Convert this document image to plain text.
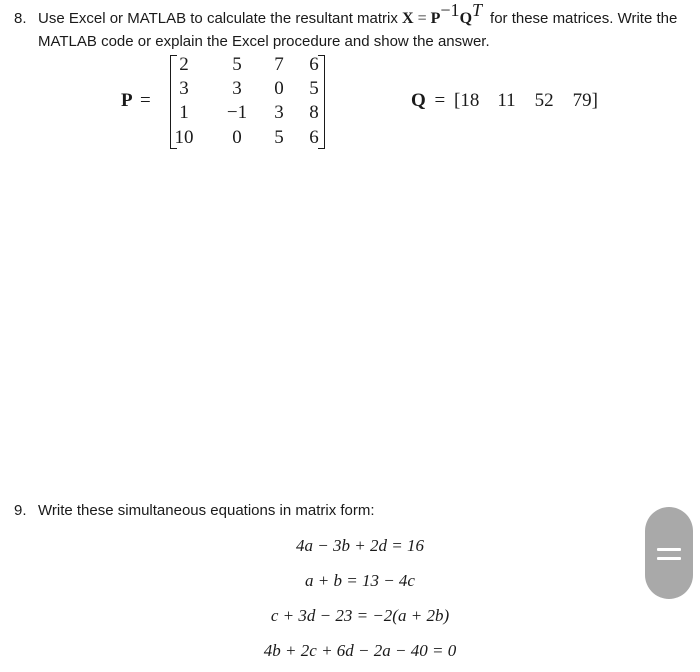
8. Use Excel or MATLAB to calculate the resultant matrix $X = P^{-1}Q^T$ for these matrices. Write the
MATLAB code or explain the Excel procedure and show the answer.
P =
2	5	7	6
3	3	0	5
1	−1	3	8
10	0	5	6
Q = [18 11 52 79]
9. Write these simultaneous equations in matrix form:
4a − 3b + 2d = 16
a + b = 13 − 4c
c + 3d − 23 = −2(a + 2b)
4b + 2c + 6d − 2a − 40 = 0
